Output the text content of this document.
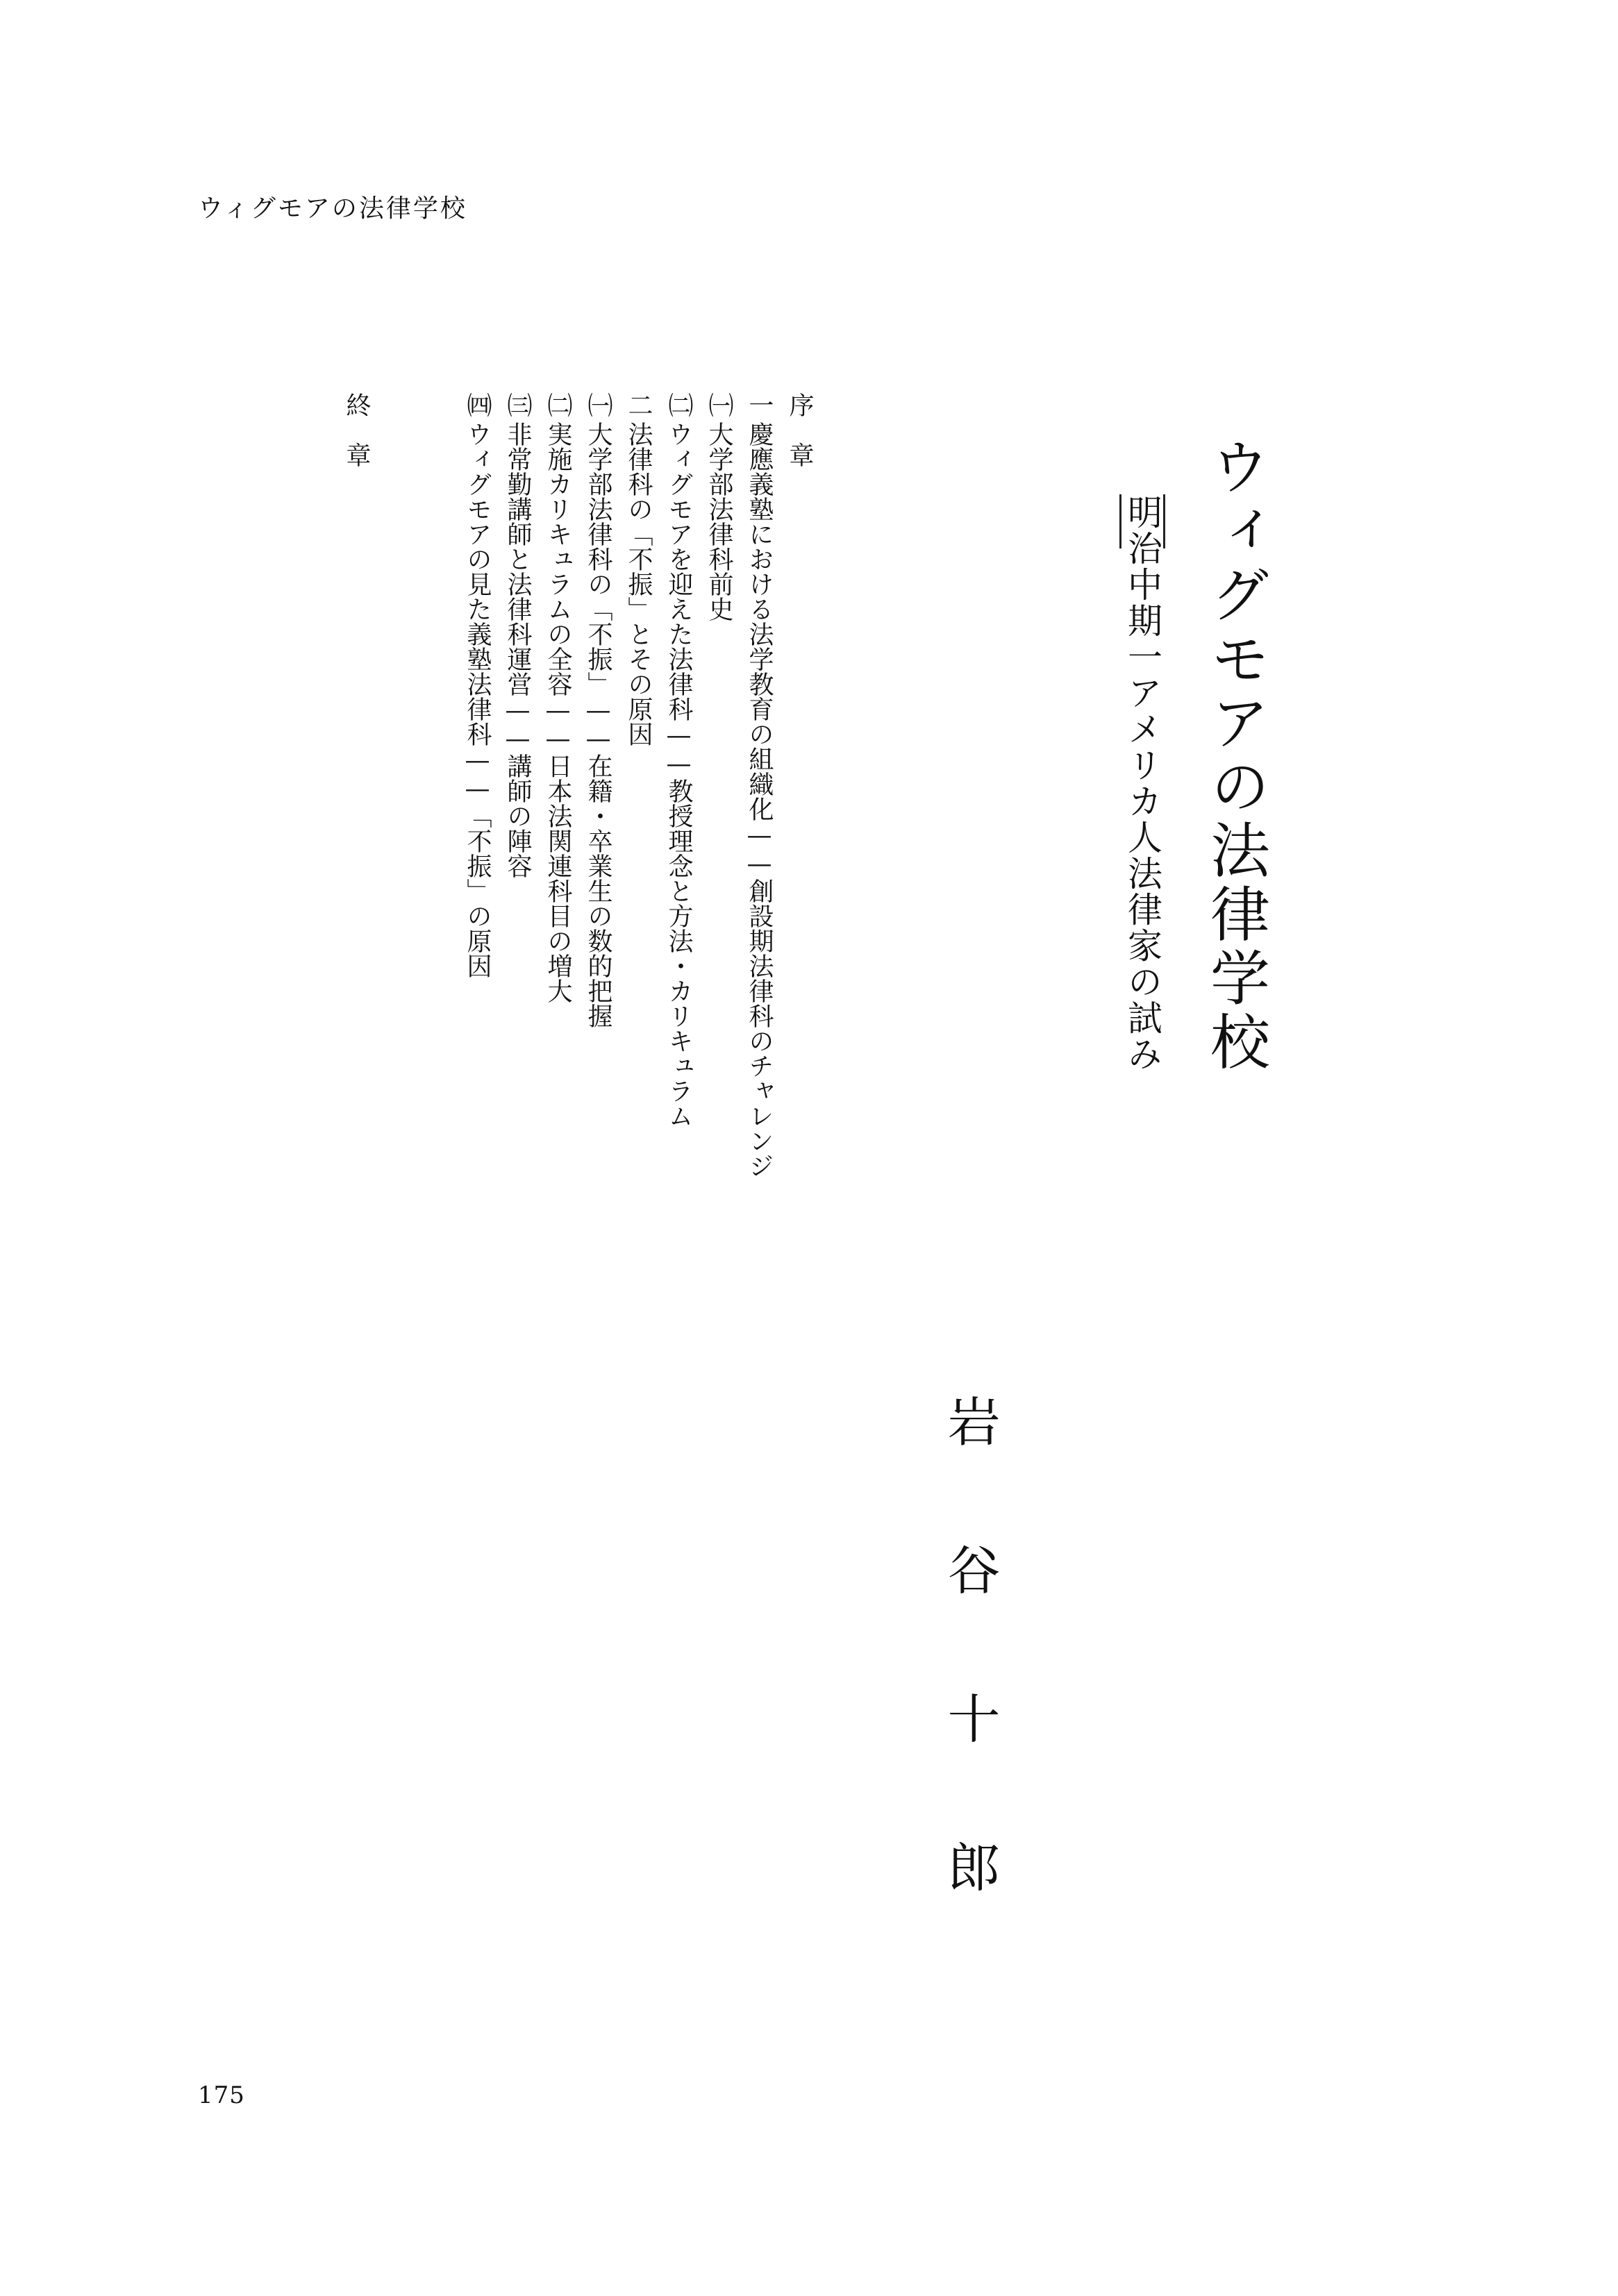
ウィグモアの法律学校
ウィグモアの法律学校
明治中期一アメリカ人法律家の試み
岩谷十郎
序　章
一慶應義塾における法学教育の組織化——創設期法律科のチャレンジ
㈠大学部法律科前史
㈡ウィグモアを迎えた法律科——教授理念と方法・カリキュラム
二法律科の「不振」とその原因
㈠大学部法律科の「不振」——在籍・卒業生の数的把握
㈡実施カリキュラムの全容——日本法関連科目の増大
㈢非常勤講師と法律科運営——講師の陣容
㈣ウィグモアの見た義塾法律科——「不振」の原因
終　章
175
